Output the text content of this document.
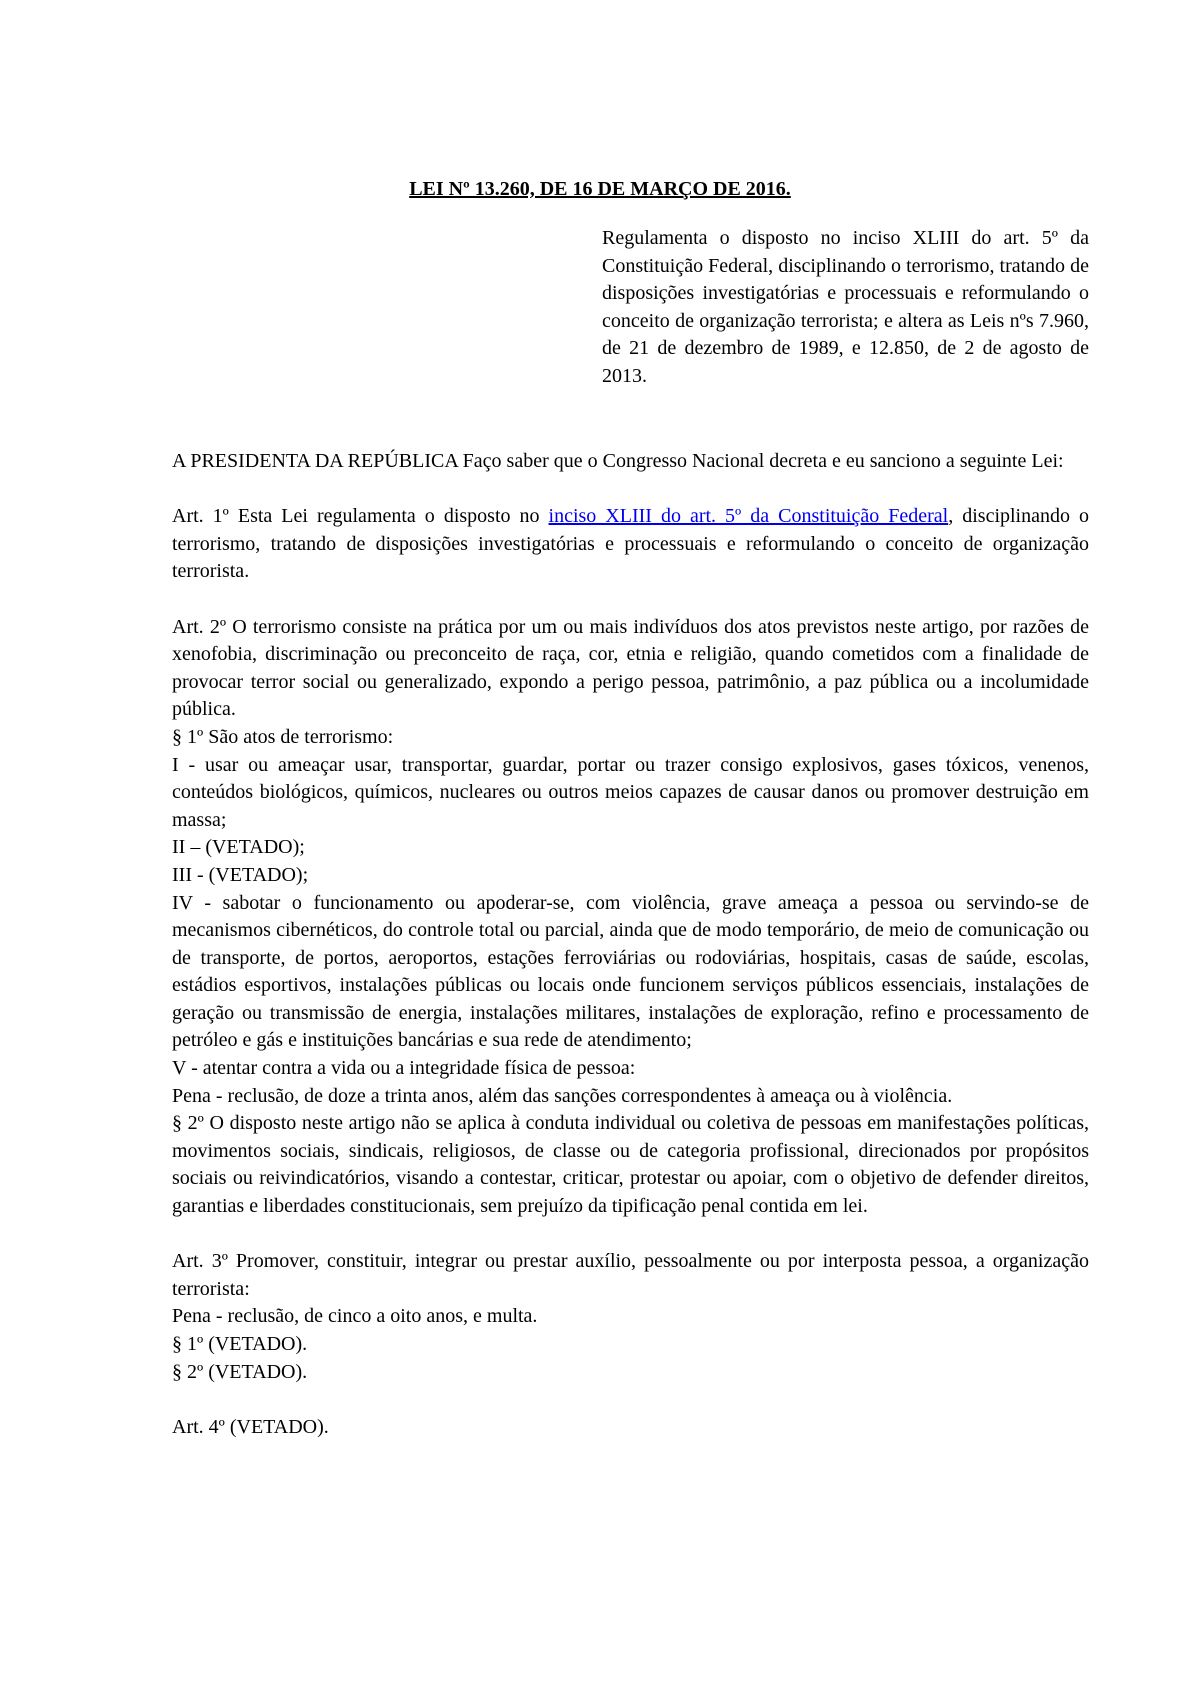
LEI Nº 13.260, DE 16 DE MARÇO DE 2016.
Regulamenta o disposto no inciso XLIII do art. 5º da Constituição Federal, disciplinando o terrorismo, tratando de disposições investigatórias e processuais e reformulando o conceito de organização terrorista; e altera as Leis nºs 7.960, de 21 de dezembro de 1989, e 12.850, de 2 de agosto de 2013.

A PRESIDENTA DA REPÚBLICA Faço saber que o Congresso Nacional decreta e eu sanciono a seguinte Lei:

Art. 1º Esta Lei regulamenta o disposto no inciso XLIII do art. 5º da Constituição Federal, disciplinando o terrorismo, tratando de disposições investigatórias e processuais e reformulando o conceito de organização terrorista.

Art. 2º O terrorismo consiste na prática por um ou mais indivíduos dos atos previstos neste artigo, por razões de xenofobia, discriminação ou preconceito de raça, cor, etnia e religião, quando cometidos com a finalidade de provocar terror social ou generalizado, expondo a perigo pessoa, patrimônio, a paz pública ou a incolumidade pública.

§ 1º São atos de terrorismo:

I - usar ou ameaçar usar, transportar, guardar, portar ou trazer consigo explosivos, gases tóxicos, venenos, conteúdos biológicos, químicos, nucleares ou outros meios capazes de causar danos ou promover destruição em massa;

II – (VETADO);

III - (VETADO);

IV - sabotar o funcionamento ou apoderar-se, com violência, grave ameaça a pessoa ou servindo-se de mecanismos cibernéticos, do controle total ou parcial, ainda que de modo temporário, de meio de comunicação ou de transporte, de portos, aeroportos, estações ferroviárias ou rodoviárias, hospitais, casas de saúde, escolas, estádios esportivos, instalações públicas ou locais onde funcionem serviços públicos essenciais, instalações de geração ou transmissão de energia, instalações militares, instalações de exploração, refino e processamento de petróleo e gás e instituições bancárias e sua rede de atendimento;

V - atentar contra a vida ou a integridade física de pessoa:

Pena - reclusão, de doze a trinta anos, além das sanções correspondentes à ameaça ou à violência.

§ 2º O disposto neste artigo não se aplica à conduta individual ou coletiva de pessoas em manifestações políticas, movimentos sociais, sindicais, religiosos, de classe ou de categoria profissional, direcionados por propósitos sociais ou reivindicatórios, visando a contestar, criticar, protestar ou apoiar, com o objetivo de defender direitos, garantias e liberdades constitucionais, sem prejuízo da tipificação penal contida em lei.

Art. 3º Promover, constituir, integrar ou prestar auxílio, pessoalmente ou por interposta pessoa, a organização terrorista:

Pena - reclusão, de cinco a oito anos, e multa.

§ 1º (VETADO).

§ 2º (VETADO).

Art. 4º (VETADO).
